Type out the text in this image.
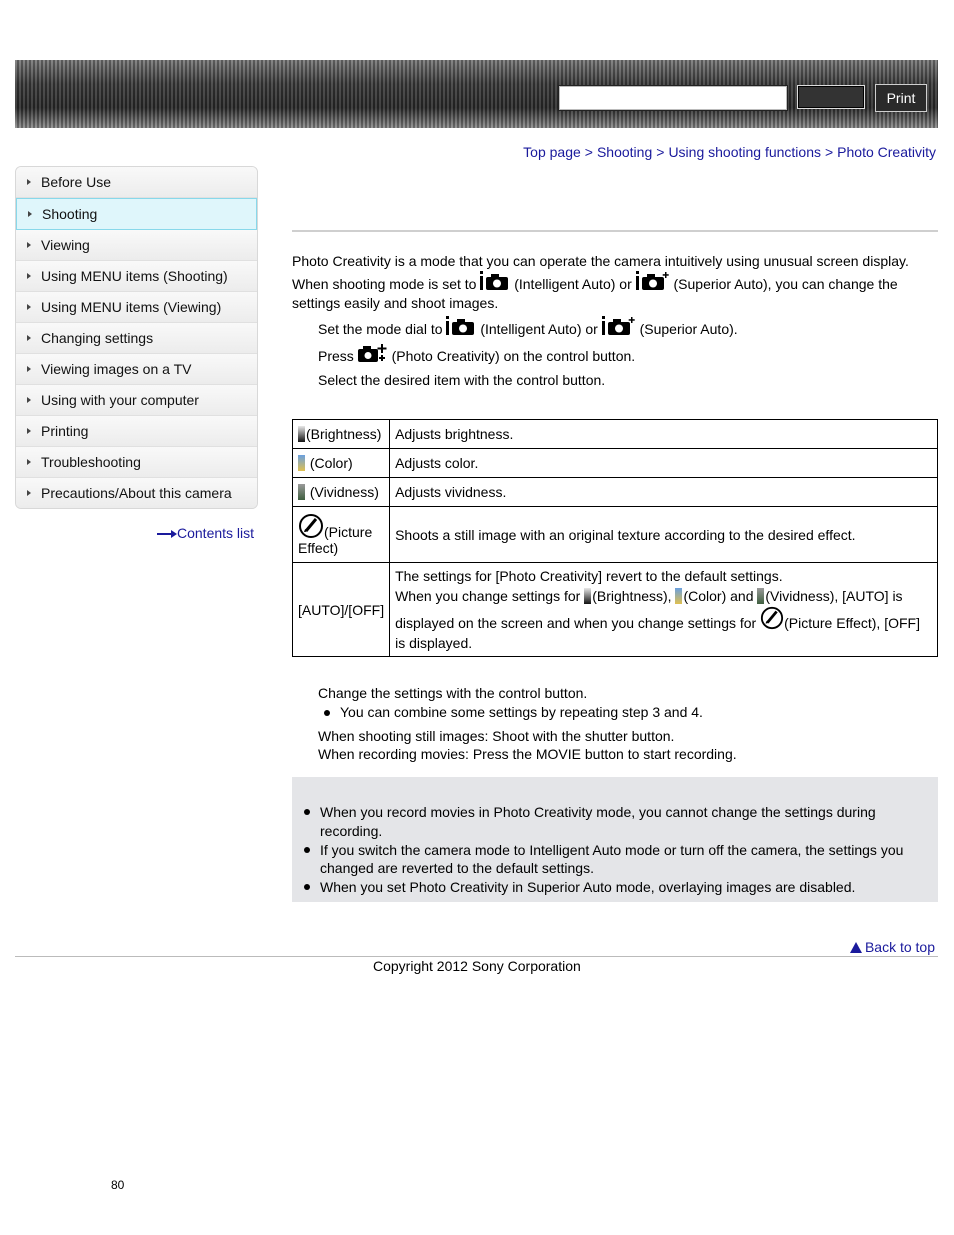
Print
Top page > Shooting > Using shooting functions > Photo Creativity
Before Use
Shooting
Viewing
Using MENU items (Shooting)
Using MENU items (Viewing)
Changing settings
Viewing images on a TV
Using with your computer
Printing
Troubleshooting
Precautions/About this camera
Contents list
Photo Creativity is a mode that you can operate the camera intuitively using unusual screen display.
When shooting mode is set to	(Intelligent Auto) or	(Superior Auto), you can change the
settings easily and shoot images.
Set the mode dial to	(Intelligent Auto) or	(Superior Auto).
Press	(Photo Creativity) on the control button.
Select the desired item with the control button.
(Brightness)	Adjusts brightness.
(Color)	Adjusts color.
(Vividness)	Adjusts vividness.
(Picture
Effect)	Shoots a still image with an original texture according to the desired effect.
[AUTO]/[OFF]	The settings for [Photo Creativity] revert to the default settings.
When you change settings for (Brightness), (Color) and (Vividness), [AUTO] is
displayed on the screen and when you change settings for (Picture Effect), [OFF]
is displayed.
Change the settings with the control button.
You can combine some settings by repeating step 3 and 4.
When shooting still images: Shoot with the shutter button.
When recording movies: Press the MOVIE button to start recording.
When you record movies in Photo Creativity mode, you cannot change the settings during recording.
If you switch the camera mode to Intelligent Auto mode or turn off the camera, the settings you changed are reverted to the default settings.
When you set Photo Creativity in Superior Auto mode, overlaying images are disabled.
Back to top
Copyright 2012 Sony Corporation
80
